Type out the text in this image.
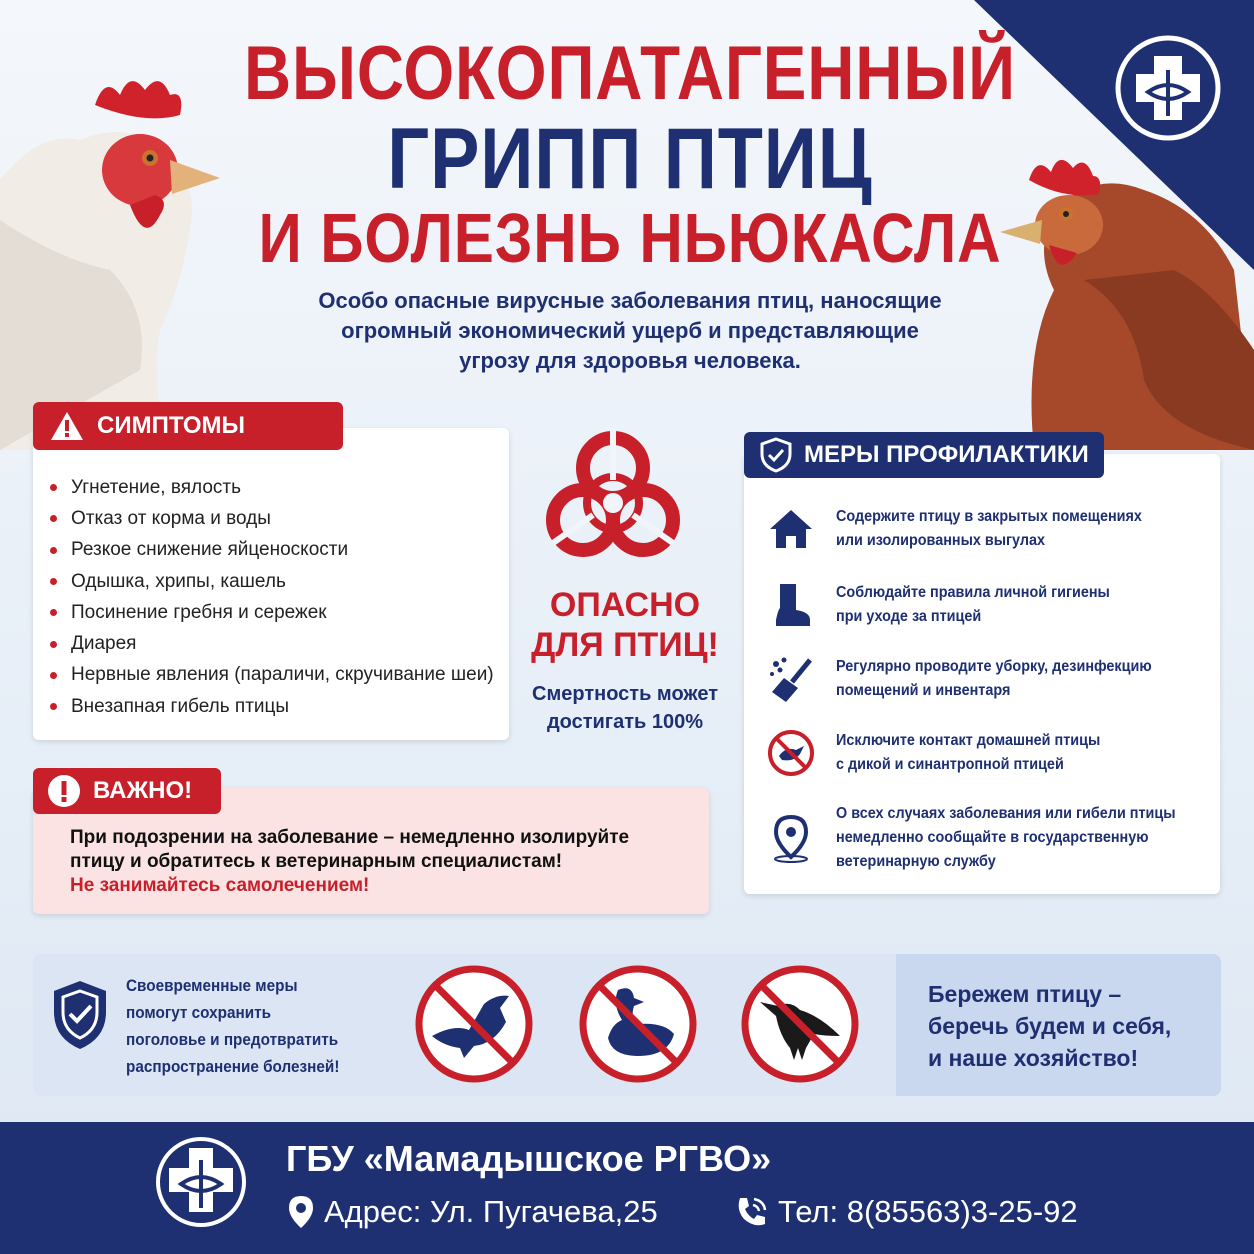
ВЫСОКОПАТАГЕННЫЙ
ГРИПП ПТИЦ
И БОЛЕЗНЬ НЬЮКАСЛА
Особо опасные вирусные заболевания птиц, наносящие
огромный экономический ущерб и представляющие
угрозу для здоровья человека.
СИМПТОМЫ
Угнетение, вялость
Отказ от корма и воды
Резкое снижение яйценоскости
Одышка, хрипы, кашель
Посинение гребня и сережек
Диарея
Нервные явления (параличи, скручивание шеи)
Внезапная гибель птицы
ОПАСНО
ДЛЯ ПТИЦ!
Смертность может
достигать 100%
ВАЖНО!
При подозрении на заболевание – немедленно изолируйте
птицу и обратитесь к ветеринарным специалистам!
Не занимайтесь самолечением!
МЕРЫ ПРОФИЛАКТИКИ
Содержите птицу в закрытых помещениях
или изолированных выгулах
Соблюдайте правила личной гигиены
при уходе за птицей
Регулярно проводите уборку, дезинфекцию
помещений и инвентаря
Исключите контакт домашней птицы
с дикой и синантропной птицей
О всех случаях заболевания или гибели птицы
немедленно сообщайте в государственную
ветеринарную службу
Своевременные меры
помогут сохранить
поголовье и предотвратить
распространение болезней!
Бережем птицу –
беречь будем и себя,
и наше хозяйство!
ГБУ «Мамадышское РГВО»
Адрес: Ул. Пугачева,25	Тел: 8(85563)3-25-92
